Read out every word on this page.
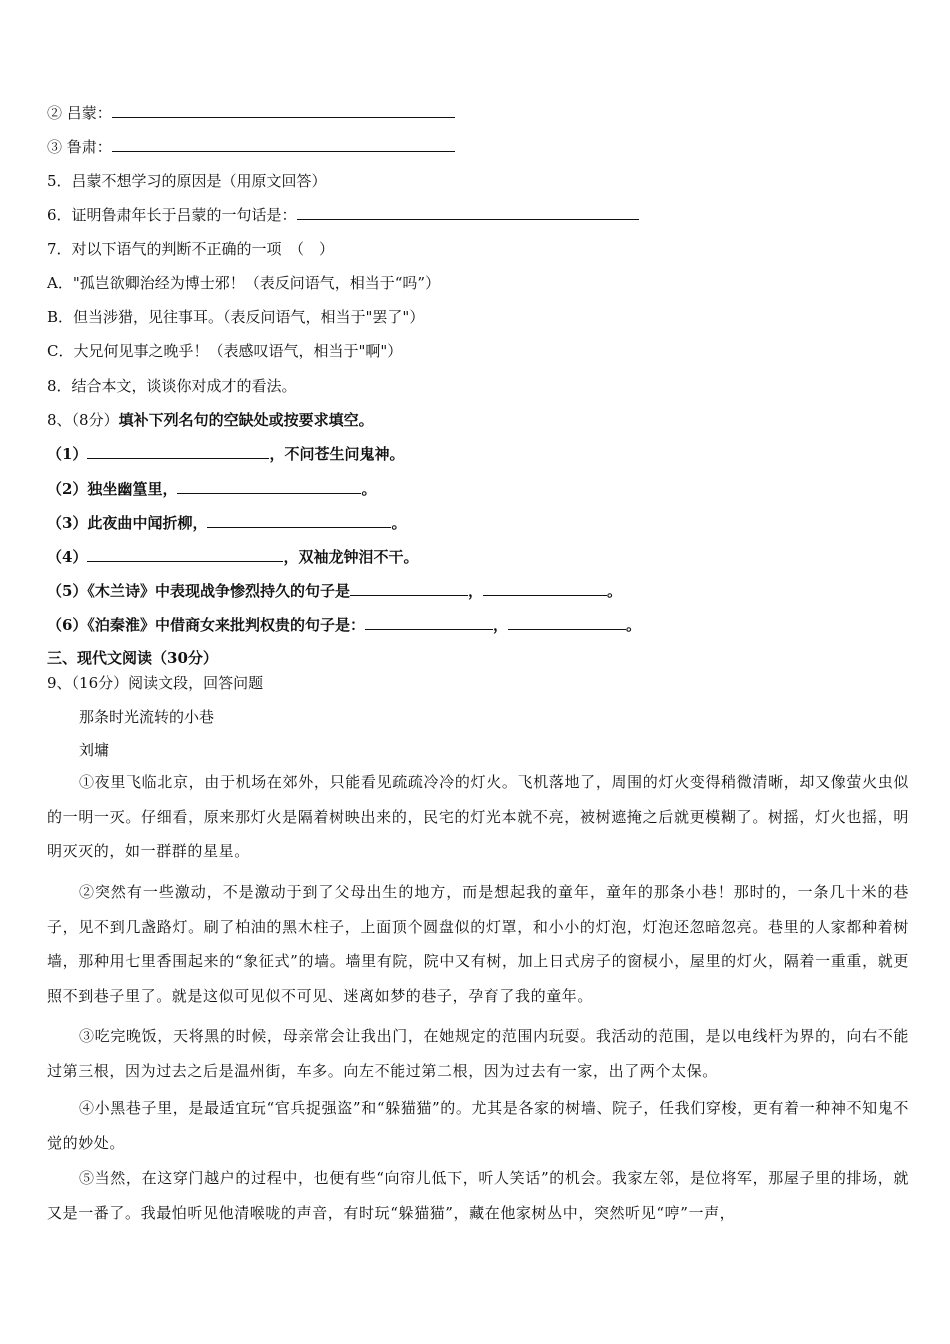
② 吕蒙：
③ 鲁肃：
5．吕蒙不想学习的原因是（用原文回答）
6．证明鲁肃年长于吕蒙的一句话是：
7．对以下语气的判断不正确的一项　（　）
A．"孤岂欲卿治经为博士邪！（表反问语气，相当于“吗”）
B．但当涉猎，见往事耳。（表反问语气，相当于"罢了"）
C．大兄何见事之晚乎！（表感叹语气，相当于"啊"）
8．结合本文，谈谈你对成才的看法。
8、（8分）填补下列名句的空缺处或按要求填空。
（1）	，不问苍生问鬼神。
（2）独坐幽篁里，	。
（3）此夜曲中闻折柳，	。
（4）	，双袖龙钟泪不干。
（5）《木兰诗》中表现战争惨烈持久的句子是	，	。
（6）《泊秦淮》中借商女来批判权贵的句子是：	，	。
三、现代文阅读（30分）
9、（16分）阅读文段，回答问题
那条时光流转的小巷
刘墉
①夜里飞临北京，由于机场在郊外，只能看见疏疏冷冷的灯火。飞机落地了，周围的灯火变得稍微清晰，却又像萤火虫似的一明一灭。仔细看，原来那灯火是隔着树映出来的，民宅的灯光本就不亮，被树遮掩之后就更模糊了。树摇，灯火也摇，明明灭灭的，如一群群的星星。
②突然有一些激动，不是激动于到了父母出生的地方，而是想起我的童年，童年的那条小巷！那时的，一条几十米的巷子，见不到几盏路灯。刷了柏油的黑木柱子，上面顶个圆盘似的灯罩，和小小的灯泡，灯泡还忽暗忽亮。巷里的人家都种着树墙，那种用七里香围起来的“象征式”的墙。墙里有院，院中又有树，加上日式房子的窗棂小，屋里的灯火，隔着一重重，就更照不到巷子里了。就是这似可见似不可见、迷离如梦的巷子，孕育了我的童年。
③吃完晚饭，天将黑的时候，母亲常会让我出门，在她规定的范围内玩耍。我活动的范围，是以电线杆为界的，向右不能过第三根，因为过去之后是温州街，车多。向左不能过第二根，因为过去有一家，出了两个太保。
④小黑巷子里，是最适宜玩“官兵捉强盗”和“躲猫猫”的。尤其是各家的树墙、院子，任我们穿梭，更有着一种神不知鬼不觉的妙处。
⑤当然，在这穿门越户的过程中，也便有些“向帘儿低下，听人笑话”的机会。我家左邻，是位将军，那屋子里的排场，就又是一番了。我最怕听见他清喉咙的声音，有时玩“躲猫猫”，藏在他家树丛中，突然听见“哼”一声，
